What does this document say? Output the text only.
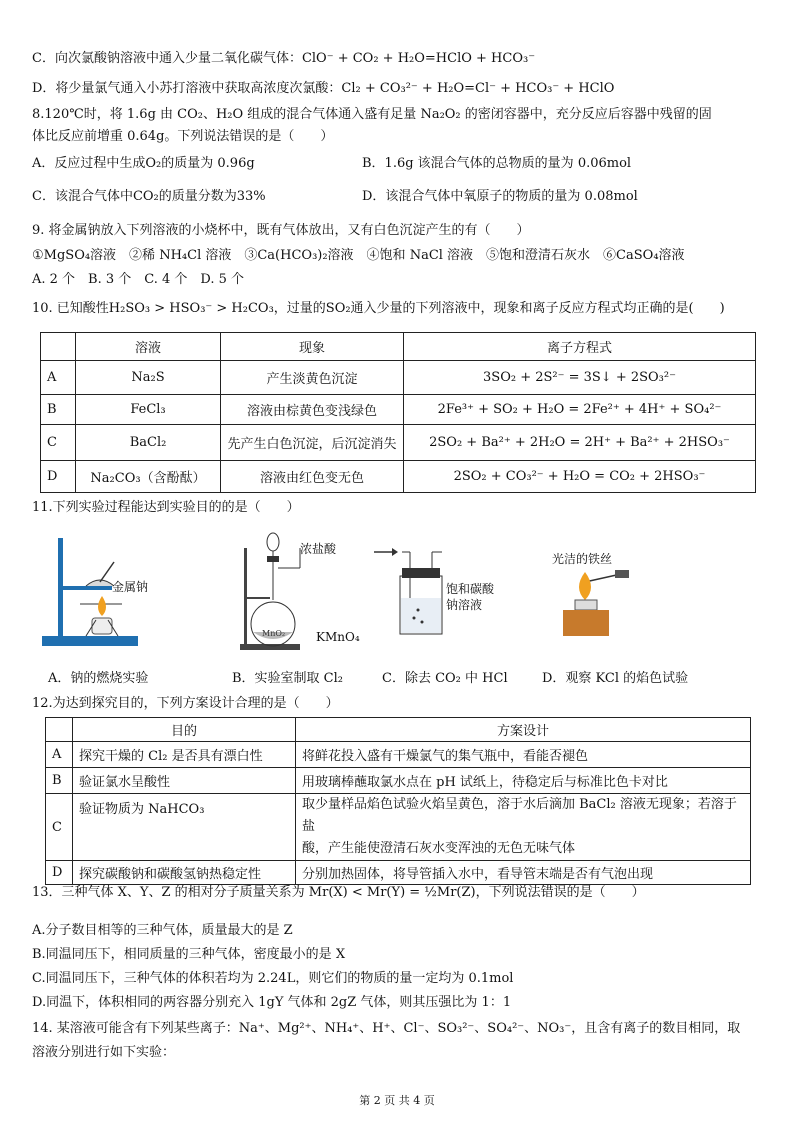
C．向次氯酸钠溶液中通入少量二氧化碳气体：ClO⁻ + CO₂ + H₂O=HClO + HCO₃⁻
D．将少量氯气通入小苏打溶液中获取高浓度次氯酸：Cl₂ + CO₃²⁻ + H₂O=Cl⁻ + HCO₃⁻ + HClO
8.120℃时，将 1.6g 由 CO₂、H₂O 组成的混合气体通入盛有足量 Na₂O₂ 的密闭容器中，充分反应后容器中残留的固
体比反应前增重 0.64g。下列说法错误的是（　　）
A．反应过程中生成O₂的质量为 0.96g	B．1.6g 该混合气体的总物质的量为 0.06mol
C．该混合气体中CO₂的质量分数为33%	D．该混合气体中氧原子的物质的量为 0.08mol
9. 将金属钠放入下列溶液的小烧杯中，既有气体放出，又有白色沉淀产生的有（　　）
①MgSO₄溶液　②稀 NH₄Cl 溶液　③Ca(HCO₃)₂溶液　④饱和 NaCl 溶液　⑤饱和澄清石灰水　⑥CaSO₄溶液
A. 2 个　B. 3 个　C. 4 个　D. 5 个
10. 已知酸性H₂SO₃ > HSO₃⁻ > H₂CO₃，过量的SO₂通入少量的下列溶液中，现象和离子反应方程式均正确的是(　　)
	溶液	现象	离子方程式
A	Na₂S	产生淡黄色沉淀	3SO₂ + 2S²⁻ = 3S↓ + 2SO₃²⁻
B	FeCl₃	溶液由棕黄色变浅绿色	2Fe³⁺ + SO₂ + H₂O = 2Fe²⁺ + 4H⁺ + SO₄²⁻
C	BaCl₂	先产生白色沉淀，后沉淀消失	2SO₂ + Ba²⁺ + 2H₂O = 2H⁺ + Ba²⁺ + 2HSO₃⁻
D	Na₂CO₃（含酚酞）	溶液由红色变无色	2SO₂ + CO₃²⁻ + H₂O = CO₂ + 2HSO₃⁻
11.下列实验过程能达到实验目的的是（　　）
金属钠
MnO₂
浓盐酸
KMnO₄
饱和碳酸
钠溶液
光洁的铁丝
A．钠的燃烧实验	B．实验室制取 Cl₂	C．除去 CO₂ 中 HCl	D．观察 KCl 的焰色试验
12.为达到探究目的，下列方案设计合理的是（　　）
	目的	方案设计
A	探究干燥的 Cl₂ 是否具有漂白性	将鲜花投入盛有干燥氯气的集气瓶中，看能否褪色
B	验证氯水呈酸性	用玻璃棒蘸取氯水点在 pH 试纸上，待稳定后与标准比色卡对比
C	验证物质为 NaHCO₃	取少量样品焰色试验火焰呈黄色，溶于水后滴加 BaCl₂ 溶液无现象；若溶于盐
酸，产生能使澄清石灰水变浑浊的无色无味气体

D	探究碳酸钠和碳酸氢钠热稳定性	分别加热固体，将导管插入水中，看导管末端是否有气泡出现
13．三种气体 X、Y、Z 的相对分子质量关系为 Mr(X) < Mr(Y) = ½Mr(Z)，下列说法错误的是（　　）
A.分子数目相等的三种气体，质量最大的是 Z
B.同温同压下，相同质量的三种气体，密度最小的是 X
C.同温同压下，三种气体的体积若均为 2.24L，则它们的物质的量一定均为 0.1mol
D.同温下，体积相同的两容器分别充入 1gY 气体和 2gZ 气体，则其压强比为 1：1
14. 某溶液可能含有下列某些离子：Na⁺、Mg²⁺、NH₄⁺、H⁺、Cl⁻、SO₃²⁻、SO₄²⁻、NO₃⁻，且含有离子的数目相同，取
溶液分别进行如下实验：
第 2 页 共 4 页
